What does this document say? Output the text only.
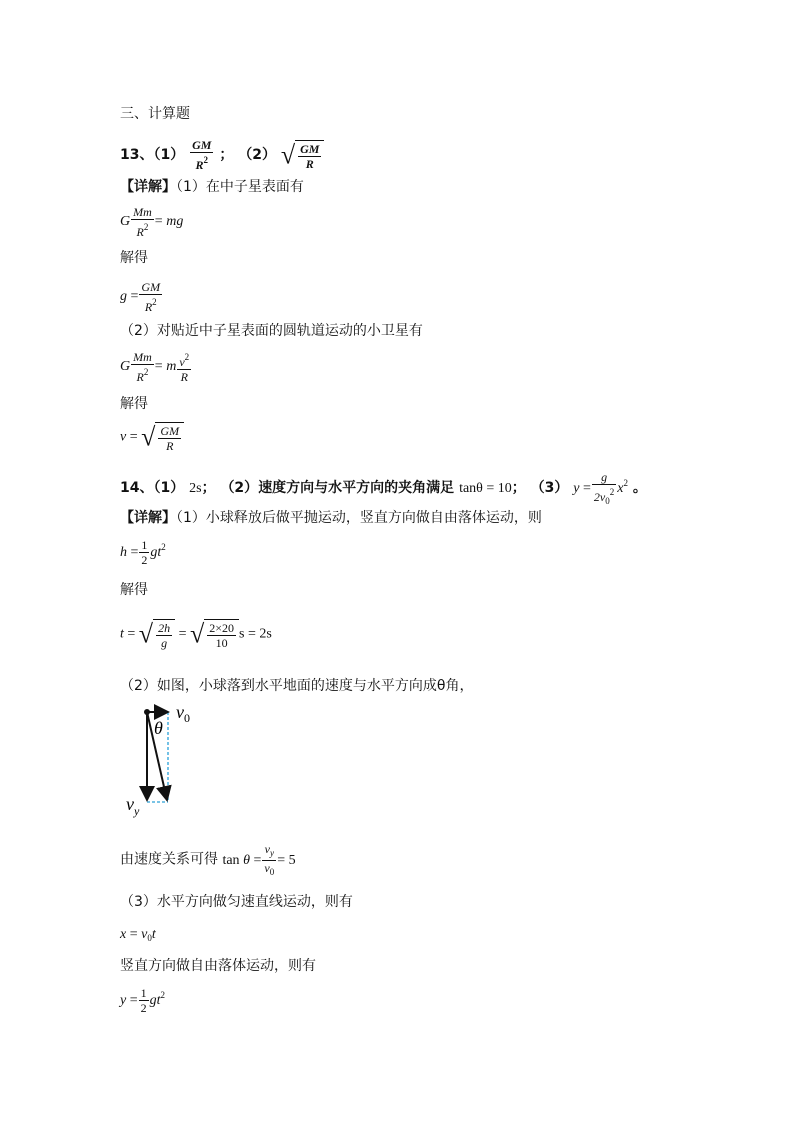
三、计算题
13、$(1) \frac{GM}{R^2}$ ； （2） √ $\frac{GM}{R}$
【详解】（1）在中子星表面有
G $\frac{Mm}{R^2}$ = mg
解得
$g = \frac{GM}{R^2}$
（2）对贴近中子星表面的圆轨道运动的小卫星有
G $\frac{Mm}{R^2} = m \frac{v^2}{R}$
解得
v = √ $\frac{GM}{R}$
14、（1） 2s； （2）速度方向与水平方向的夹角满足 tanθ = 10； （3） $y = \frac{g}{2v_0^2} x^2$ 。
【详解】（1）小球释放后做平抛运动，竖直方向做自由落体运动，则
$h = \frac{1}{2} gt^2$
解得
t = √ $\frac{2h}{g}$ = √ $\frac{2\times 20}{10}$ s = 2s
（2）如图，小球落到水平地面的速度与水平方向成θ角，
θ
$v_0$
$v_y$
由速度关系可得 $\tan \theta = \frac{v_y}{v_0} = 5$
（3）水平方向做匀速直线运动，则有
$x = v_0t$
竖直方向做自由落体运动，则有
$y = \frac{1}{2} gt^2$
